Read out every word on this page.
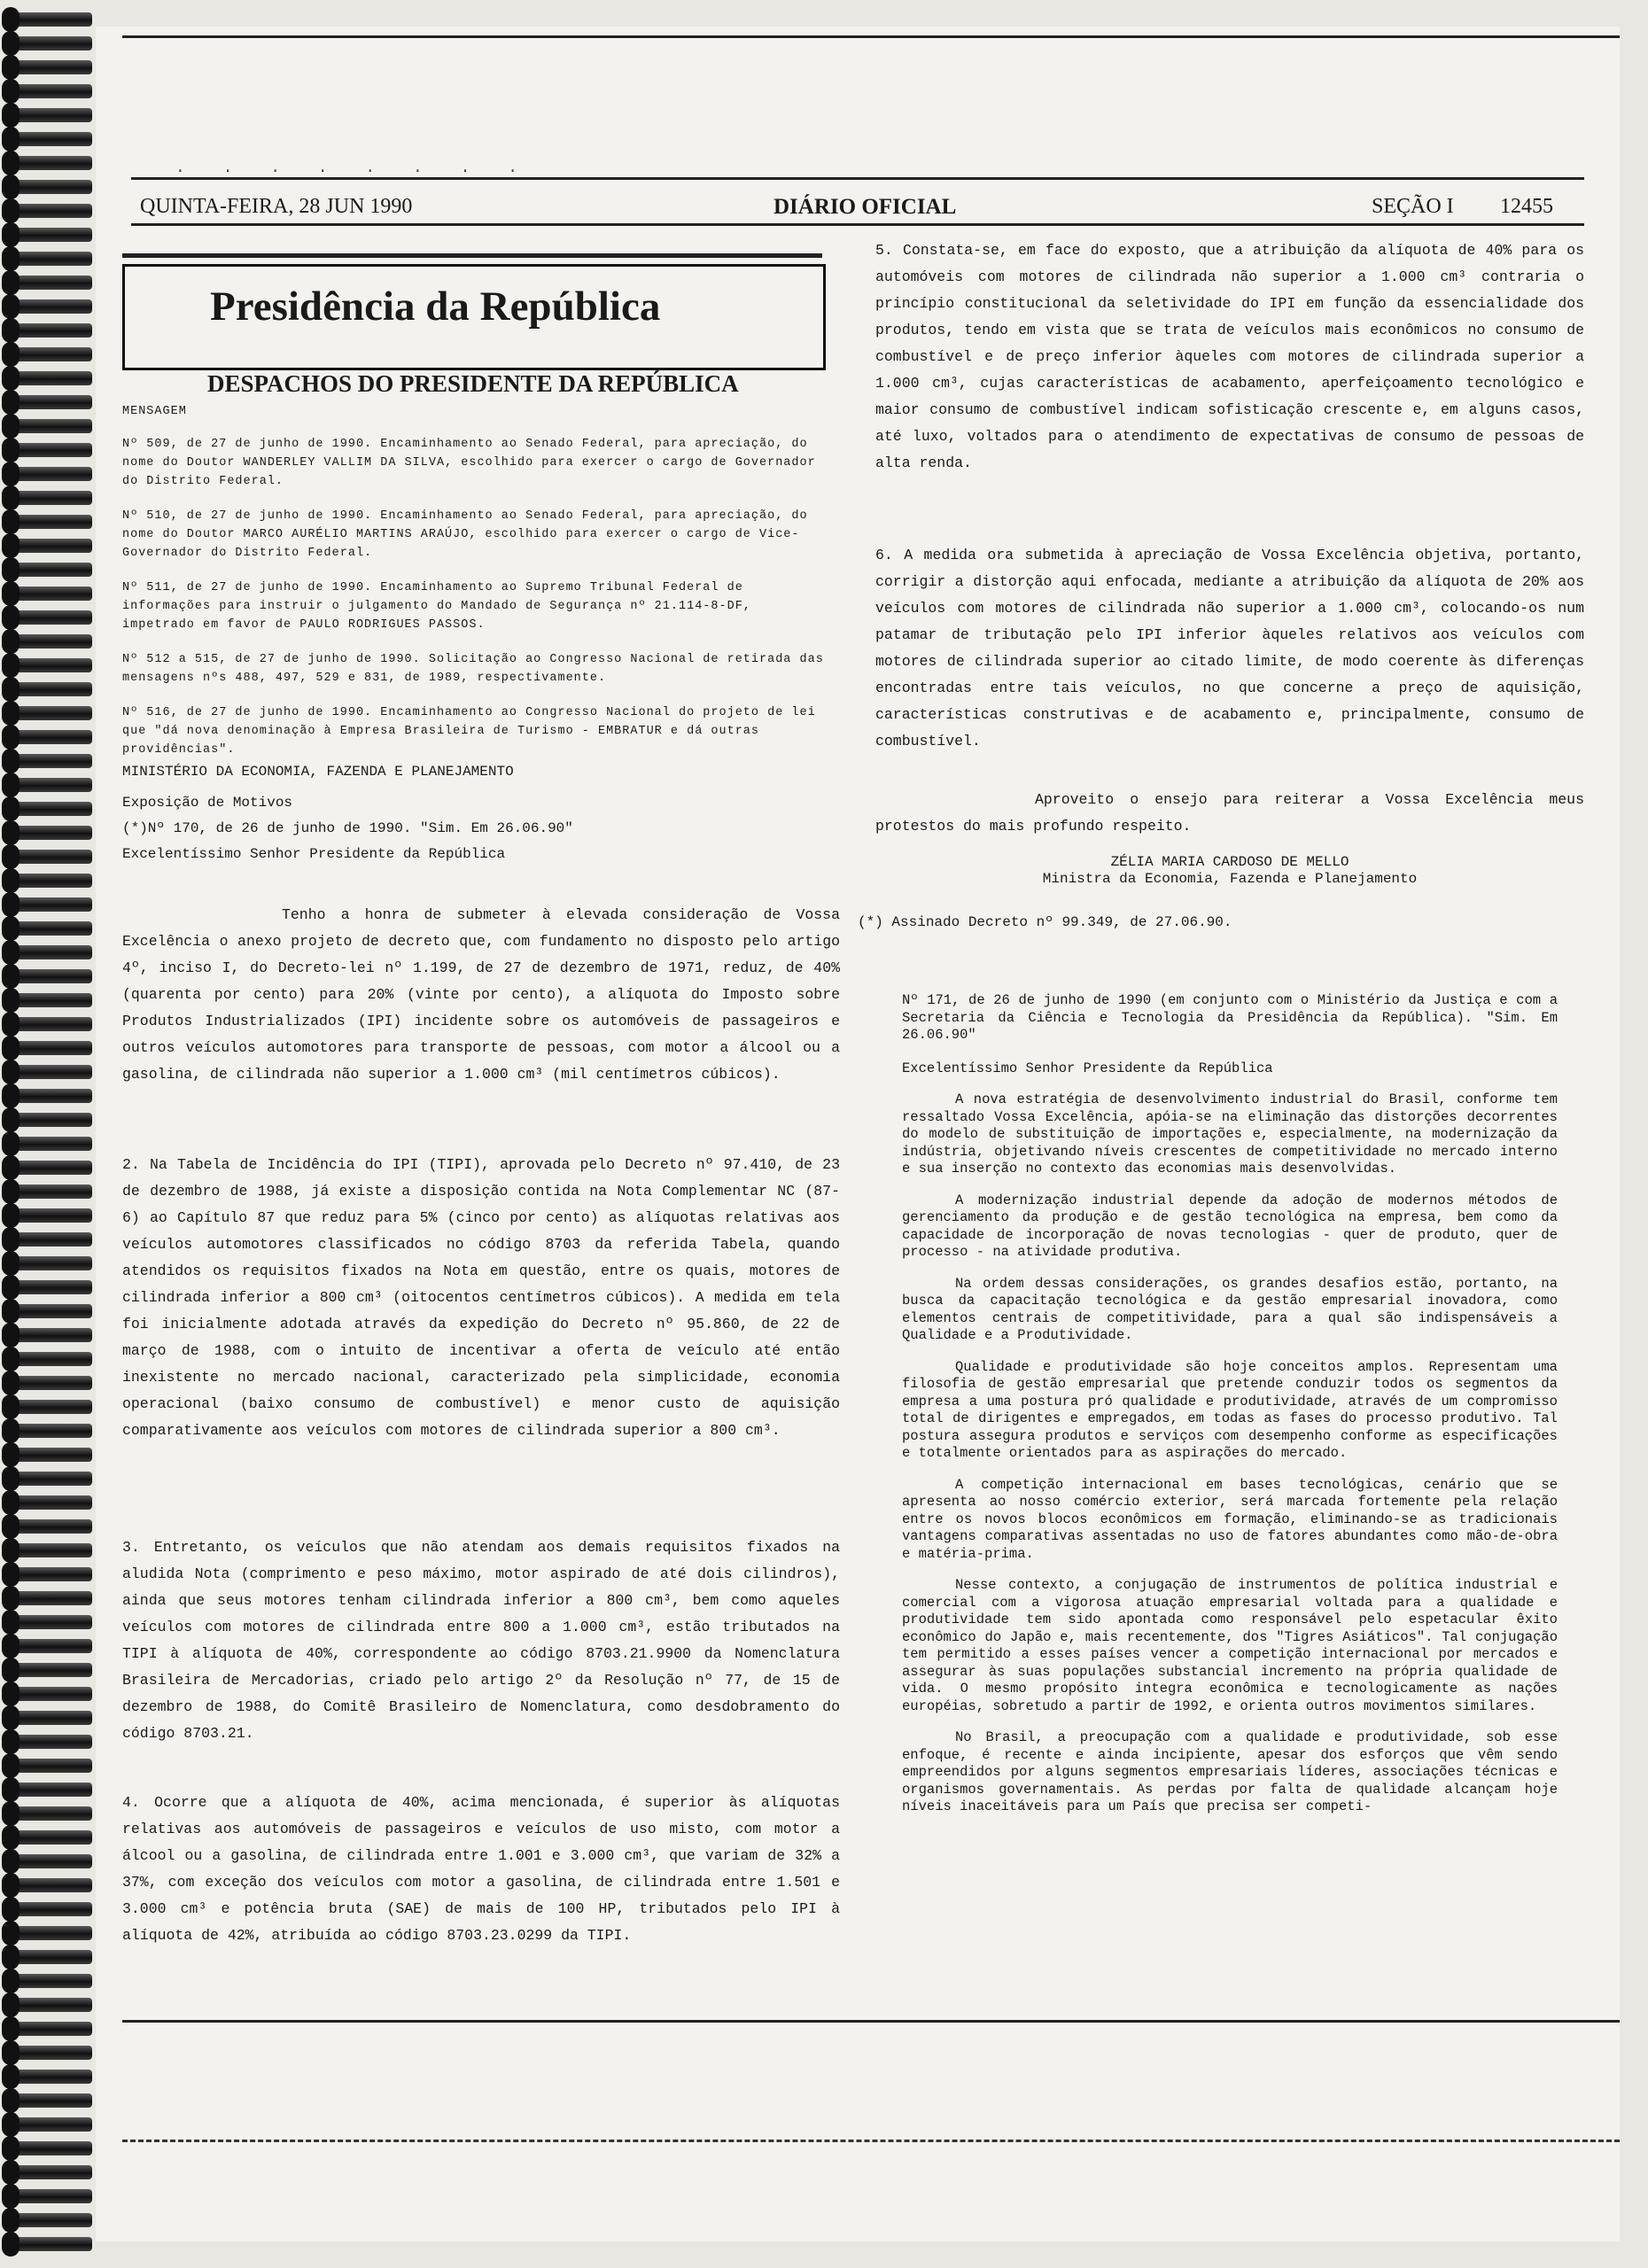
. . . . . . . .
QUINTA-FEIRA, 28 JUN 1990	DIÁRIO OFICIAL	SEÇÃO I 12455
Presidência da República
DESPACHOS DO PRESIDENTE DA REPÚBLICA

MENSAGEM

Nº 509, de 27 de junho de 1990. Encaminhamento ao Senado Federal, para apreciação, do nome do Doutor WANDERLEY VALLIM DA SILVA, escolhido para exercer o cargo de Governador do Distrito Federal.

Nº 510, de 27 de junho de 1990. Encaminhamento ao Senado Federal, para apreciação, do nome do Doutor MARCO AURÉLIO MARTINS ARAÚJO, escolhido para exercer o cargo de Vice-Governador do Distrito Federal.

Nº 511, de 27 de junho de 1990. Encaminhamento ao Supremo Tribunal Federal de informações para instruir o julgamento do Mandado de Segurança nº 21.114-8-DF, impetrado em favor de PAULO RODRIGUES PASSOS.

Nº 512 a 515, de 27 de junho de 1990. Solicitação ao Congresso Nacional de retirada das mensagens nºs 488, 497, 529 e 831, de 1989, respectivamente.

Nº 516, de 27 de junho de 1990. Encaminhamento ao Congresso Nacional do projeto de lei que "dá nova denominação à Empresa Brasileira de Turismo - EMBRATUR e dá outras providências".

MINISTÉRIO DA ECONOMIA, FAZENDA E PLANEJAMENTO

Exposição de Motivos

(*)Nº 170, de 26 de junho de 1990. "Sim. Em 26.06.90"

Excelentíssimo Senhor Presidente da República

Tenho a honra de submeter à elevada consideração de Vossa Excelência o anexo projeto de decreto que, com fundamento no disposto pelo artigo 4º, inciso I, do Decreto-lei nº 1.199, de 27 de dezembro de 1971, reduz, de 40% (quarenta por cento) para 20% (vinte por cento), a alíquota do Imposto sobre Produtos Industrializados (IPI) incidente sobre os automóveis de passageiros e outros veículos automotores para transporte de pessoas, com motor a álcool ou a gasolina, de cilindrada não superior a 1.000 cm³ (mil centímetros cúbicos).

2. Na Tabela de Incidência do IPI (TIPI), aprovada pelo Decreto nº 97.410, de 23 de dezembro de 1988, já existe a disposição contida na Nota Complementar NC (87-6) ao Capítulo 87 que reduz para 5% (cinco por cento) as alíquotas relativas aos veículos automotores classificados no código 8703 da referida Tabela, quando atendidos os requisitos fixados na Nota em questão, entre os quais, motores de cilindrada inferior a 800 cm³ (oitocentos centímetros cúbicos). A medida em tela foi inicialmente adotada através da expedição do Decreto nº 95.860, de 22 de março de 1988, com o intuito de incentivar a oferta de veículo até então inexistente no mercado nacional, caracterizado pela simplicidade, economia operacional (baixo consumo de combustível) e menor custo de aquisição comparativamente aos veículos com motores de cilindrada superior a 800 cm³.

3. Entretanto, os veículos que não atendam aos demais requisitos fixados na aludida Nota (comprimento e peso máximo, motor aspirado de até dois cilindros), ainda que seus motores tenham cilindrada inferior a 800 cm³, bem como aqueles veículos com motores de cilindrada entre 800 a 1.000 cm³, estão tributados na TIPI à alíquota de 40%, correspondente ao código 8703.21.9900 da Nomenclatura Brasileira de Mercadorias, criado pelo artigo 2º da Resolução nº 77, de 15 de dezembro de 1988, do Comitê Brasileiro de Nomenclatura, como desdobramento do código 8703.21.

4. Ocorre que a alíquota de 40%, acima mencionada, é superior às alíquotas relativas aos automóveis de passageiros e veículos de uso misto, com motor a álcool ou a gasolina, de cilindrada entre 1.001 e 3.000 cm³, que variam de 32% a 37%, com exceção dos veículos com motor a gasolina, de cilindrada entre 1.501 e 3.000 cm³ e potência bruta (SAE) de mais de 100 HP, tributados pelo IPI à alíquota de 42%, atribuída ao código 8703.23.0299 da TIPI.

5. Constata-se, em face do exposto, que a atribuição da alíquota de 40% para os automóveis com motores de cilindrada não superior a 1.000 cm³ contraria o princípio constitucional da seletividade do IPI em função da essencialidade dos produtos, tendo em vista que se trata de veículos mais econômicos no consumo de combustível e de preço inferior àqueles com motores de cilindrada superior a 1.000 cm³, cujas características de acabamento, aperfeiçoamento tecnológico e maior consumo de combustível indicam sofisticação crescente e, em alguns casos, até luxo, voltados para o atendimento de expectativas de consumo de pessoas de alta renda.

6. A medida ora submetida à apreciação de Vossa Excelência objetiva, portanto, corrigir a distorção aqui enfocada, mediante a atribuição da alíquota de 20% aos veículos com motores de cilindrada não superior a 1.000 cm³, colocando-os num patamar de tributação pelo IPI inferior àqueles relativos aos veículos com motores de cilindrada superior ao citado limite, de modo coerente às diferenças encontradas entre tais veículos, no que concerne a preço de aquisição, características construtivas e de acabamento e, principalmente, consumo de combustível.

Aproveito o ensejo para reiterar a Vossa Excelência meus protestos do mais profundo respeito.

ZÉLIA MARIA CARDOSO DE MELLO
Ministra da Economia, Fazenda e Planejamento

(*) Assinado Decreto nº 99.349, de 27.06.90.

Nº 171, de 26 de junho de 1990 (em conjunto com o Ministério da Justiça e com a Secretaria da Ciência e Tecnologia da Presidência da República). "Sim. Em 26.06.90"

Excelentíssimo Senhor Presidente da República

A nova estratégia de desenvolvimento industrial do Brasil, conforme tem ressaltado Vossa Excelência, apóia-se na eliminação das distorções decorrentes do modelo de substituição de importações e, especialmente, na modernização da indústria, objetivando níveis crescentes de competitividade no mercado interno e sua inserção no contexto das economias mais desenvolvidas.

A modernização industrial depende da adoção de modernos métodos de gerenciamento da produção e de gestão tecnológica na empresa, bem como da capacidade de incorporação de novas tecnologias - quer de produto, quer de processo - na atividade produtiva.

Na ordem dessas considerações, os grandes desafios estão, portanto, na busca da capacitação tecnológica e da gestão empresarial inovadora, como elementos centrais de competitividade, para a qual são indispensáveis a Qualidade e a Produtividade.

Qualidade e produtividade são hoje conceitos amplos. Representam uma filosofia de gestão empresarial que pretende conduzir todos os segmentos da empresa a uma postura pró qualidade e produtividade, através de um compromisso total de dirigentes e empregados, em todas as fases do processo produtivo. Tal postura assegura produtos e serviços com desempenho conforme as especificações e totalmente orientados para as aspirações do mercado.

A competição internacional em bases tecnológicas, cenário que se apresenta ao nosso comércio exterior, será marcada fortemente pela relação entre os novos blocos econômicos em formação, eliminando-se as tradicionais vantagens comparativas assentadas no uso de fatores abundantes como mão-de-obra e matéria-prima.

Nesse contexto, a conjugação de instrumentos de política industrial e comercial com a vigorosa atuação empresarial voltada para a qualidade e produtividade tem sido apontada como responsável pelo espetacular êxito econômico do Japão e, mais recentemente, dos "Tigres Asiáticos". Tal conjugação tem permitido a esses países vencer a competição internacional por mercados e assegurar às suas populações substancial incremento na própria qualidade de vida. O mesmo propósito integra econômica e tecnologicamente as nações européias, sobretudo a partir de 1992, e orienta outros movimentos similares.

No Brasil, a preocupação com a qualidade e produtividade, sob esse enfoque, é recente e ainda incipiente, apesar dos esforços que vêm sendo empreendidos por alguns segmentos empresariais líderes, associações técnicas e organismos governamentais. As perdas por falta de qualidade alcançam hoje níveis inaceitáveis para um País que precisa ser competi-
